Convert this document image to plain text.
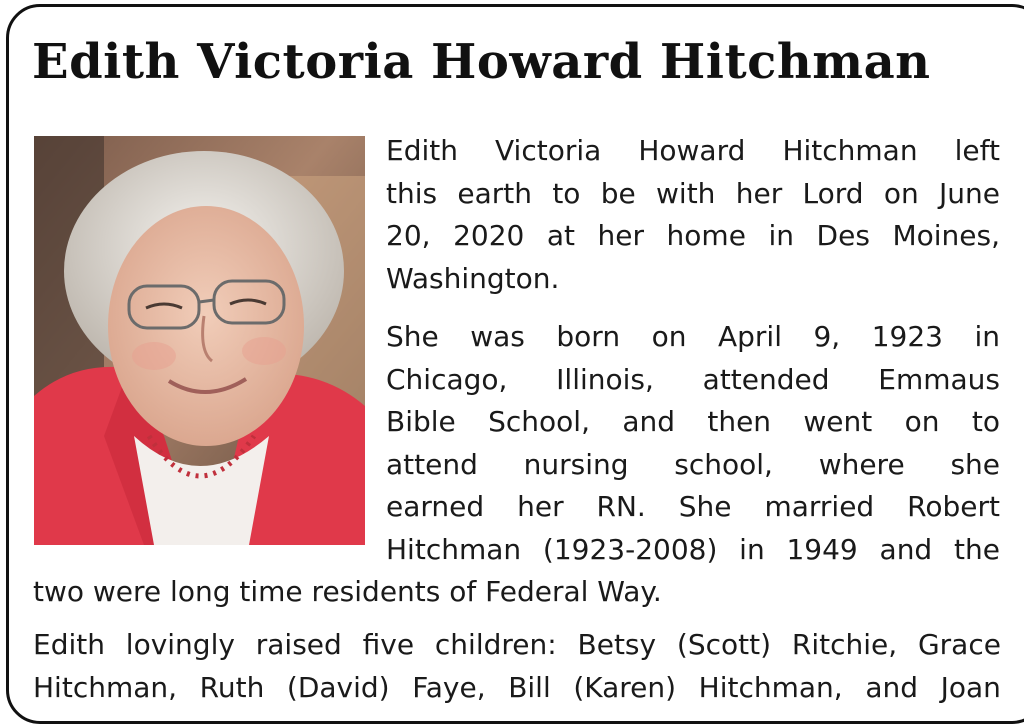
Edith Victoria Howard Hitchman
Edith Victoria Howard Hitchman left
this earth to be with her Lord on June
20, 2020 at her home in Des Moines,
Washington.
She was born on April 9, 1923 in
Chicago, Illinois, attended Emmaus
Bible School, and then went on to
attend nursing school, where she
earned her RN. She married Robert
Hitchman (1923-2008) in 1949 and the
two were long time residents of Federal Way.
Edith lovingly raised five children: Betsy (Scott) Ritchie, Grace
Hitchman, Ruth (David) Faye, Bill (Karen) Hitchman, and Joan
